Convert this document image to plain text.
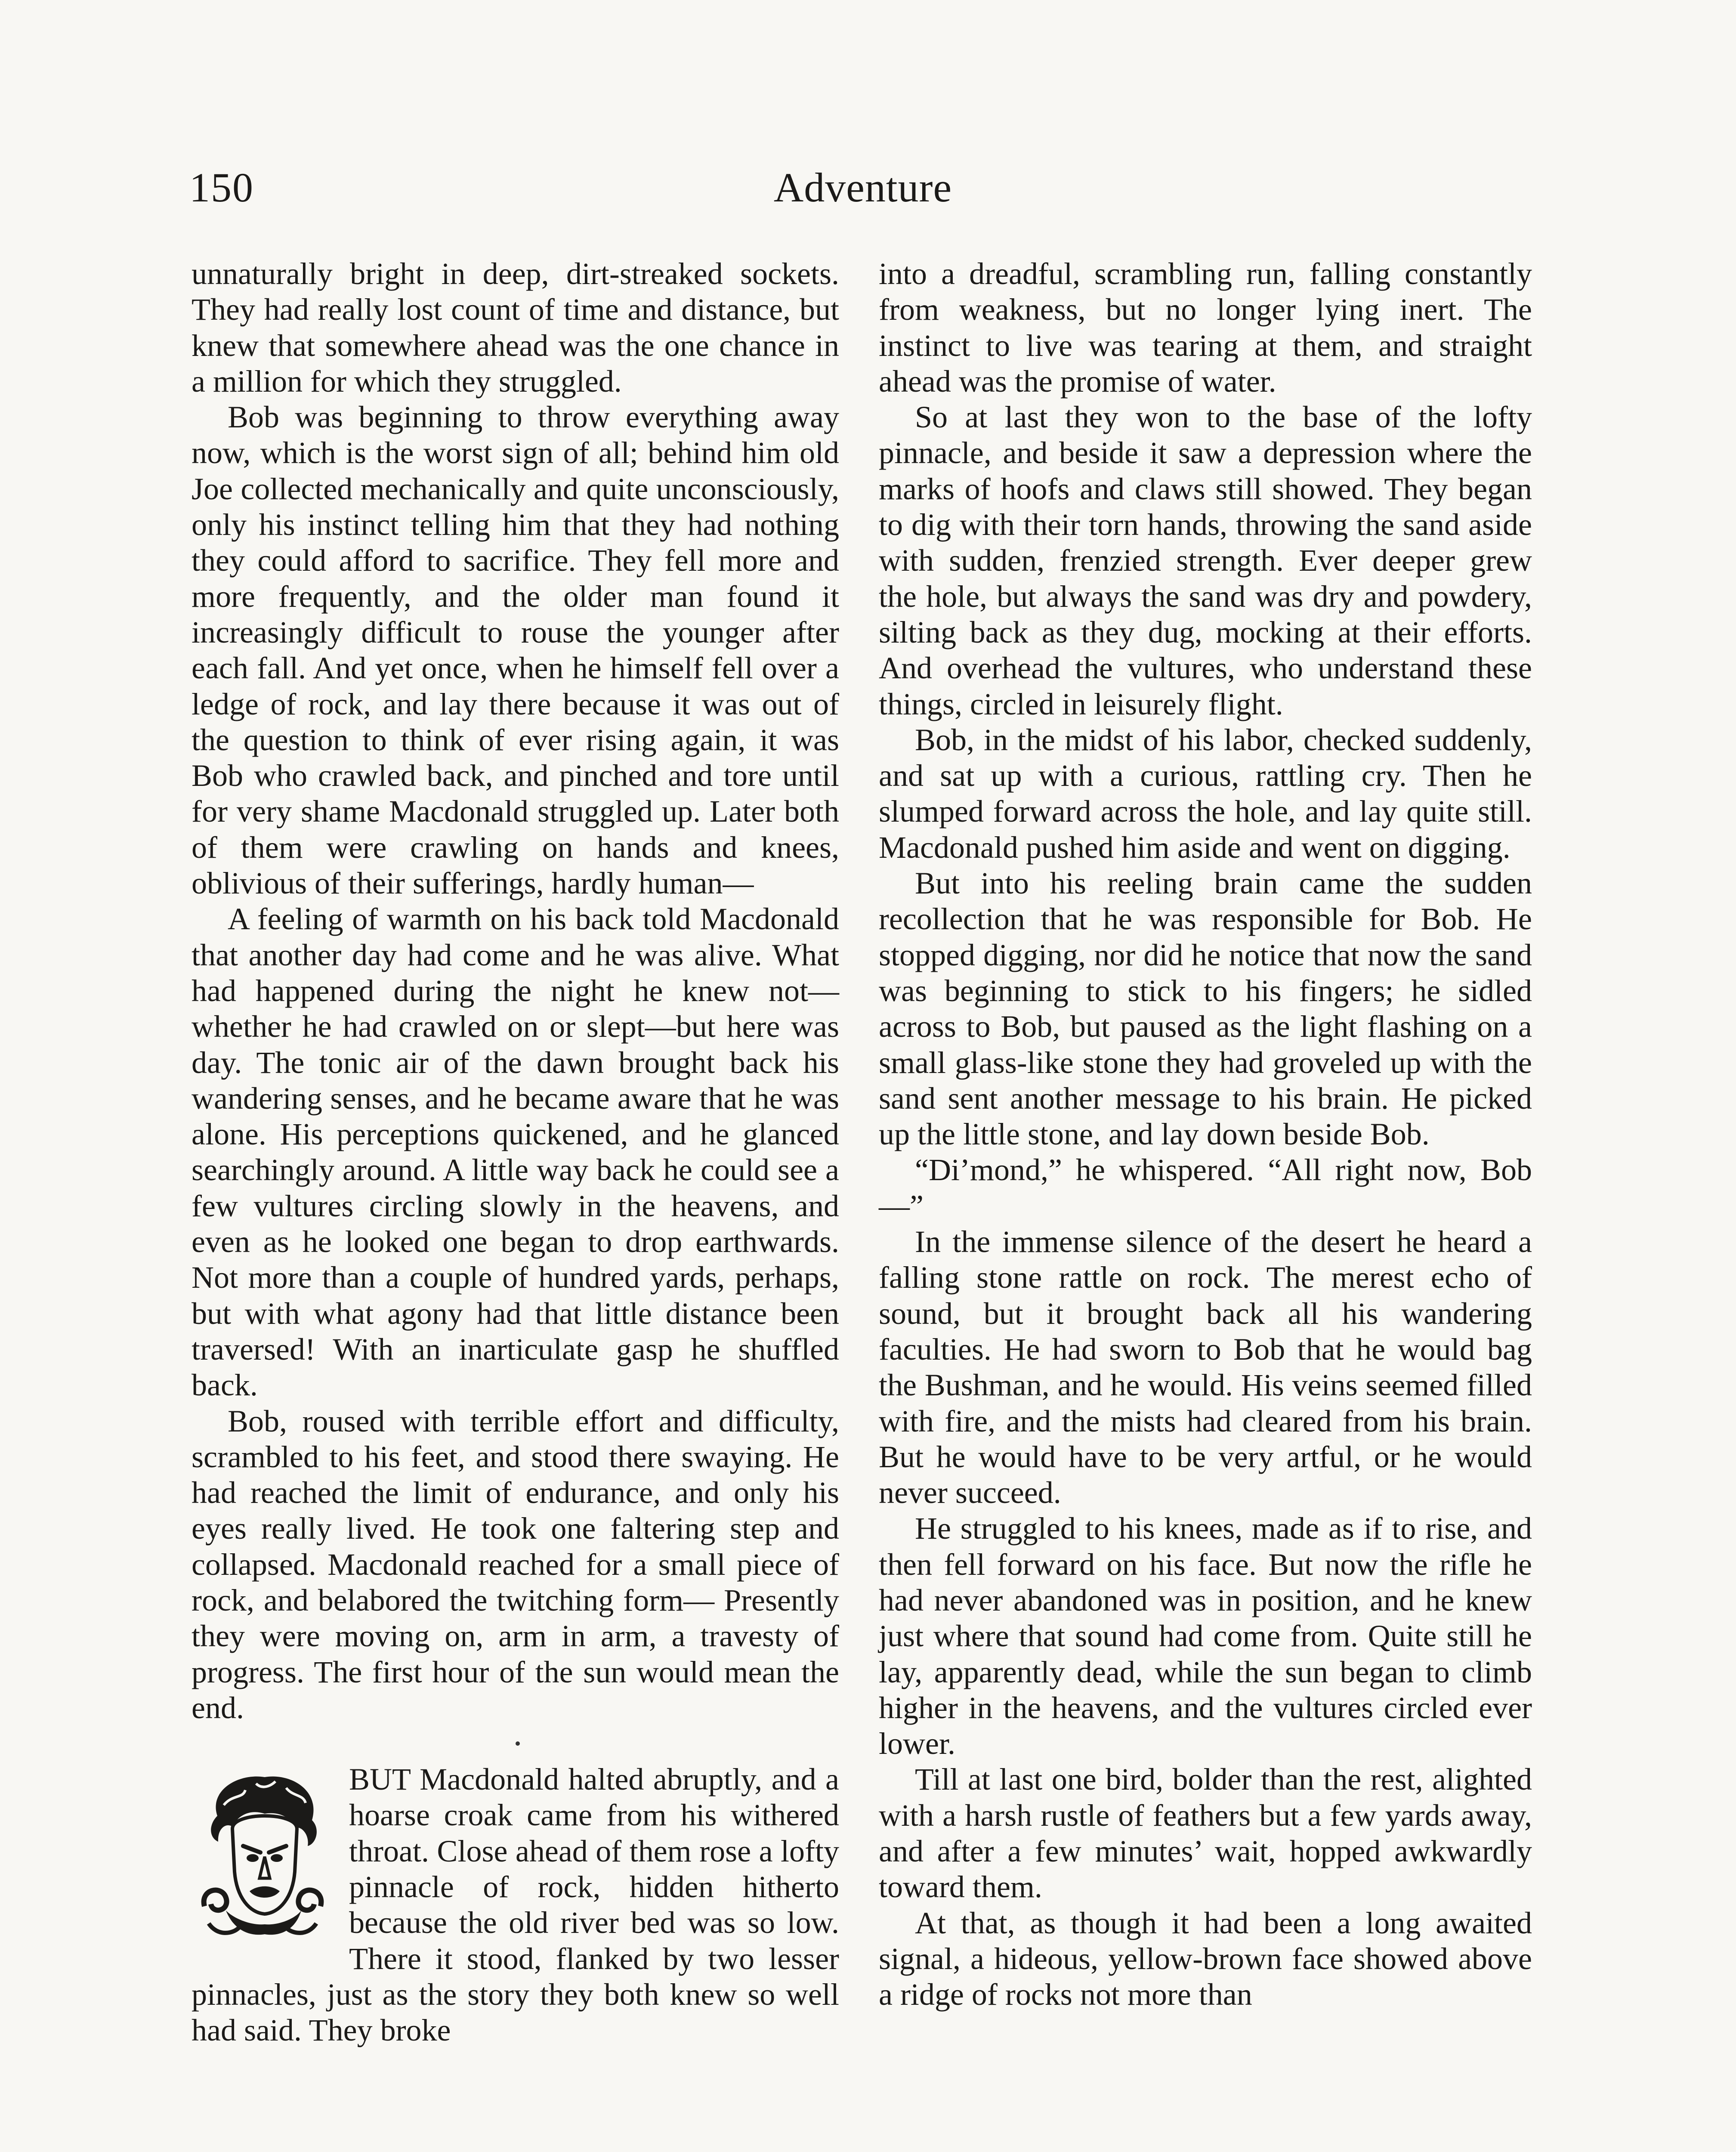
150	Adventure

unnaturally bright in deep, dirt-streaked sockets. They had really lost count of time and distance, but knew that somewhere ahead was the one chance in a million for which they struggled.

Bob was beginning to throw everything away now, which is the worst sign of all; behind him old Joe collected mechanically and quite unconsciously, only his instinct telling him that they had nothing they could afford to sacrifice. They fell more and more frequently, and the older man found it increasingly difficult to rouse the younger after each fall. And yet once, when he himself fell over a ledge of rock, and lay there because it was out of the question to think of ever rising again, it was Bob who crawled back, and pinched and tore until for very shame Macdonald struggled up. Later both of them were crawling on hands and knees, oblivious of their sufferings, hardly human—

A feeling of warmth on his back told Macdonald that another day had come and he was alive. What had happened during the night he knew not—whether he had crawled on or slept—but here was day. The tonic air of the dawn brought back his wandering senses, and he became aware that he was alone. His perceptions quickened, and he glanced searchingly around. A little way back he could see a few vultures circling slowly in the heavens, and even as he looked one began to drop earthwards. Not more than a couple of hundred yards, perhaps, but with what agony had that little distance been traversed! With an inarticulate gasp he shuffled back.

Bob, roused with terrible effort and difficulty, scrambled to his feet, and stood there swaying. He had reached the limit of endurance, and only his eyes really lived. He took one faltering step and collapsed. Macdonald reached for a small piece of rock, and belabored the twitching form— Presently they were moving on, arm in arm, a travesty of progress. The first hour of the sun would mean the end.

BUT Macdonald halted abruptly, and a hoarse croak came from his withered throat. Close ahead of them rose a lofty pinnacle of rock, hidden hitherto because the old river bed was so low. There it stood, flanked by two lesser pinnacles, just as the story they both knew so well had said. They broke

into a dreadful, scrambling run, falling constantly from weakness, but no longer lying inert. The instinct to live was tearing at them, and straight ahead was the promise of water.

So at last they won to the base of the lofty pinnacle, and beside it saw a depression where the marks of hoofs and claws still showed. They began to dig with their torn hands, throwing the sand aside with sudden, frenzied strength. Ever deeper grew the hole, but always the sand was dry and powdery, silting back as they dug, mocking at their efforts. And overhead the vultures, who understand these things, circled in leisurely flight.

Bob, in the midst of his labor, checked suddenly, and sat up with a curious, rattling cry. Then he slumped forward across the hole, and lay quite still. Macdonald pushed him aside and went on digging.

But into his reeling brain came the sudden recollection that he was responsible for Bob. He stopped digging, nor did he notice that now the sand was beginning to stick to his fingers; he sidled across to Bob, but paused as the light flashing on a small glass-like stone they had groveled up with the sand sent another message to his brain. He picked up the little stone, and lay down beside Bob.

“Di’mond,” he whispered. “All right now, Bob—”

In the immense silence of the desert he heard a falling stone rattle on rock. The merest echo of sound, but it brought back all his wandering faculties. He had sworn to Bob that he would bag the Bushman, and he would. His veins seemed filled with fire, and the mists had cleared from his brain. But he would have to be very artful, or he would never succeed.

He struggled to his knees, made as if to rise, and then fell forward on his face. But now the rifle he had never abandoned was in position, and he knew just where that sound had come from. Quite still he lay, apparently dead, while the sun began to climb higher in the heavens, and the vultures circled ever lower.

Till at last one bird, bolder than the rest, alighted with a harsh rustle of feathers but a few yards away, and after a few minutes’ wait, hopped awkwardly toward them.

At that, as though it had been a long awaited signal, a hideous, yellow-brown face showed above a ridge of rocks not more than
